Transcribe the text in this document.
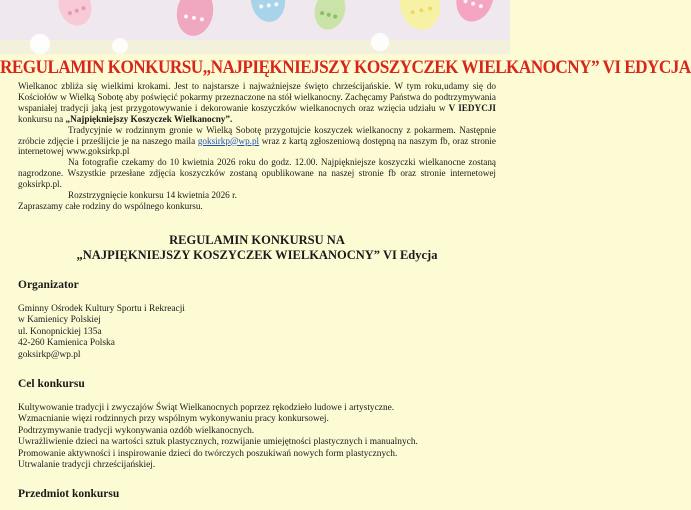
REGULAMIN KONKURSU„NAJPIĘKNIEJSZY KOSZYCZEK WIELKANOCNY” VI EDYCJA

Wielkanoc zbliża się wielkimi krokami. Jest to najstarsze i najważniejsze święto chrześcijańskie. W tym roku,udamy się do Kościołów w Wielką Sobotę aby poświęcić pokarmy przeznaczone na stół wielkanocny. Zachęcamy Państwa do podtrzymywania wspaniałej tradycji jaką jest przygotowywanie i dekorowanie koszyczków wielkanocnych oraz wzięcia udziału w V IEDYCJI konkursu na „Najpiękniejszy Koszyczek Wielkanocny”.

Tradycyjnie w rodzinnym gronie w Wielką Sobotę przygotujcie koszyczek wielkanocny z pokarmem. Następnie zróbcie zdjęcie i prześlijcie je na naszego maila goksirkp@wp.pl wraz z kartą zgłoszeniową dostępną na naszym fb, oraz stronie internetowej www.goksirkp.pl

Na fotografie czekamy do 10 kwietnia 2026 roku do godz. 12.00. Najpiękniejsze koszyczki wielkanocne zostaną nagrodzone. Wszystkie przesłane zdjęcia koszyczków zostaną opublikowane na naszej stronie fb oraz stronie internetowej goksirkp.pl.

Rozstrzygnięcie konkursu 14 kwietnia 2026 r.

Zapraszamy całe rodziny do wspólnego konkursu.

REGULAMIN KONKURSU NA
„NAJPIĘKNIEJSZY KOSZYCZEK WIELKANOCNY” VI Edycja
Organizator
Gminny Ośrodek Kultury Sportu i Rekreacji
w Kamienicy Polskiej
ul. Konopnickiej 135a
42-260 Kamienica Polska
goksirkp@wp.pl
Cel konkursu
Kultywowanie tradycji i zwyczajów Świąt Wielkanocnych poprzez rękodzieło ludowe i artystyczne.
Wzmacnianie więzi rodzinnych przy wspólnym wykonywaniu pracy konkursowej.
Podtrzymywanie tradycji wykonywania ozdób wielkanocnych.
Uwrażliwienie dzieci na wartości sztuk plastycznych, rozwijanie umiejętności plastycznych i manualnych.
Promowanie aktywności i inspirowanie dzieci do twórczych poszukiwań nowych form plastycznych.
Utrwalanie tradycji chrześcijańskiej.
Przedmiot konkursu
